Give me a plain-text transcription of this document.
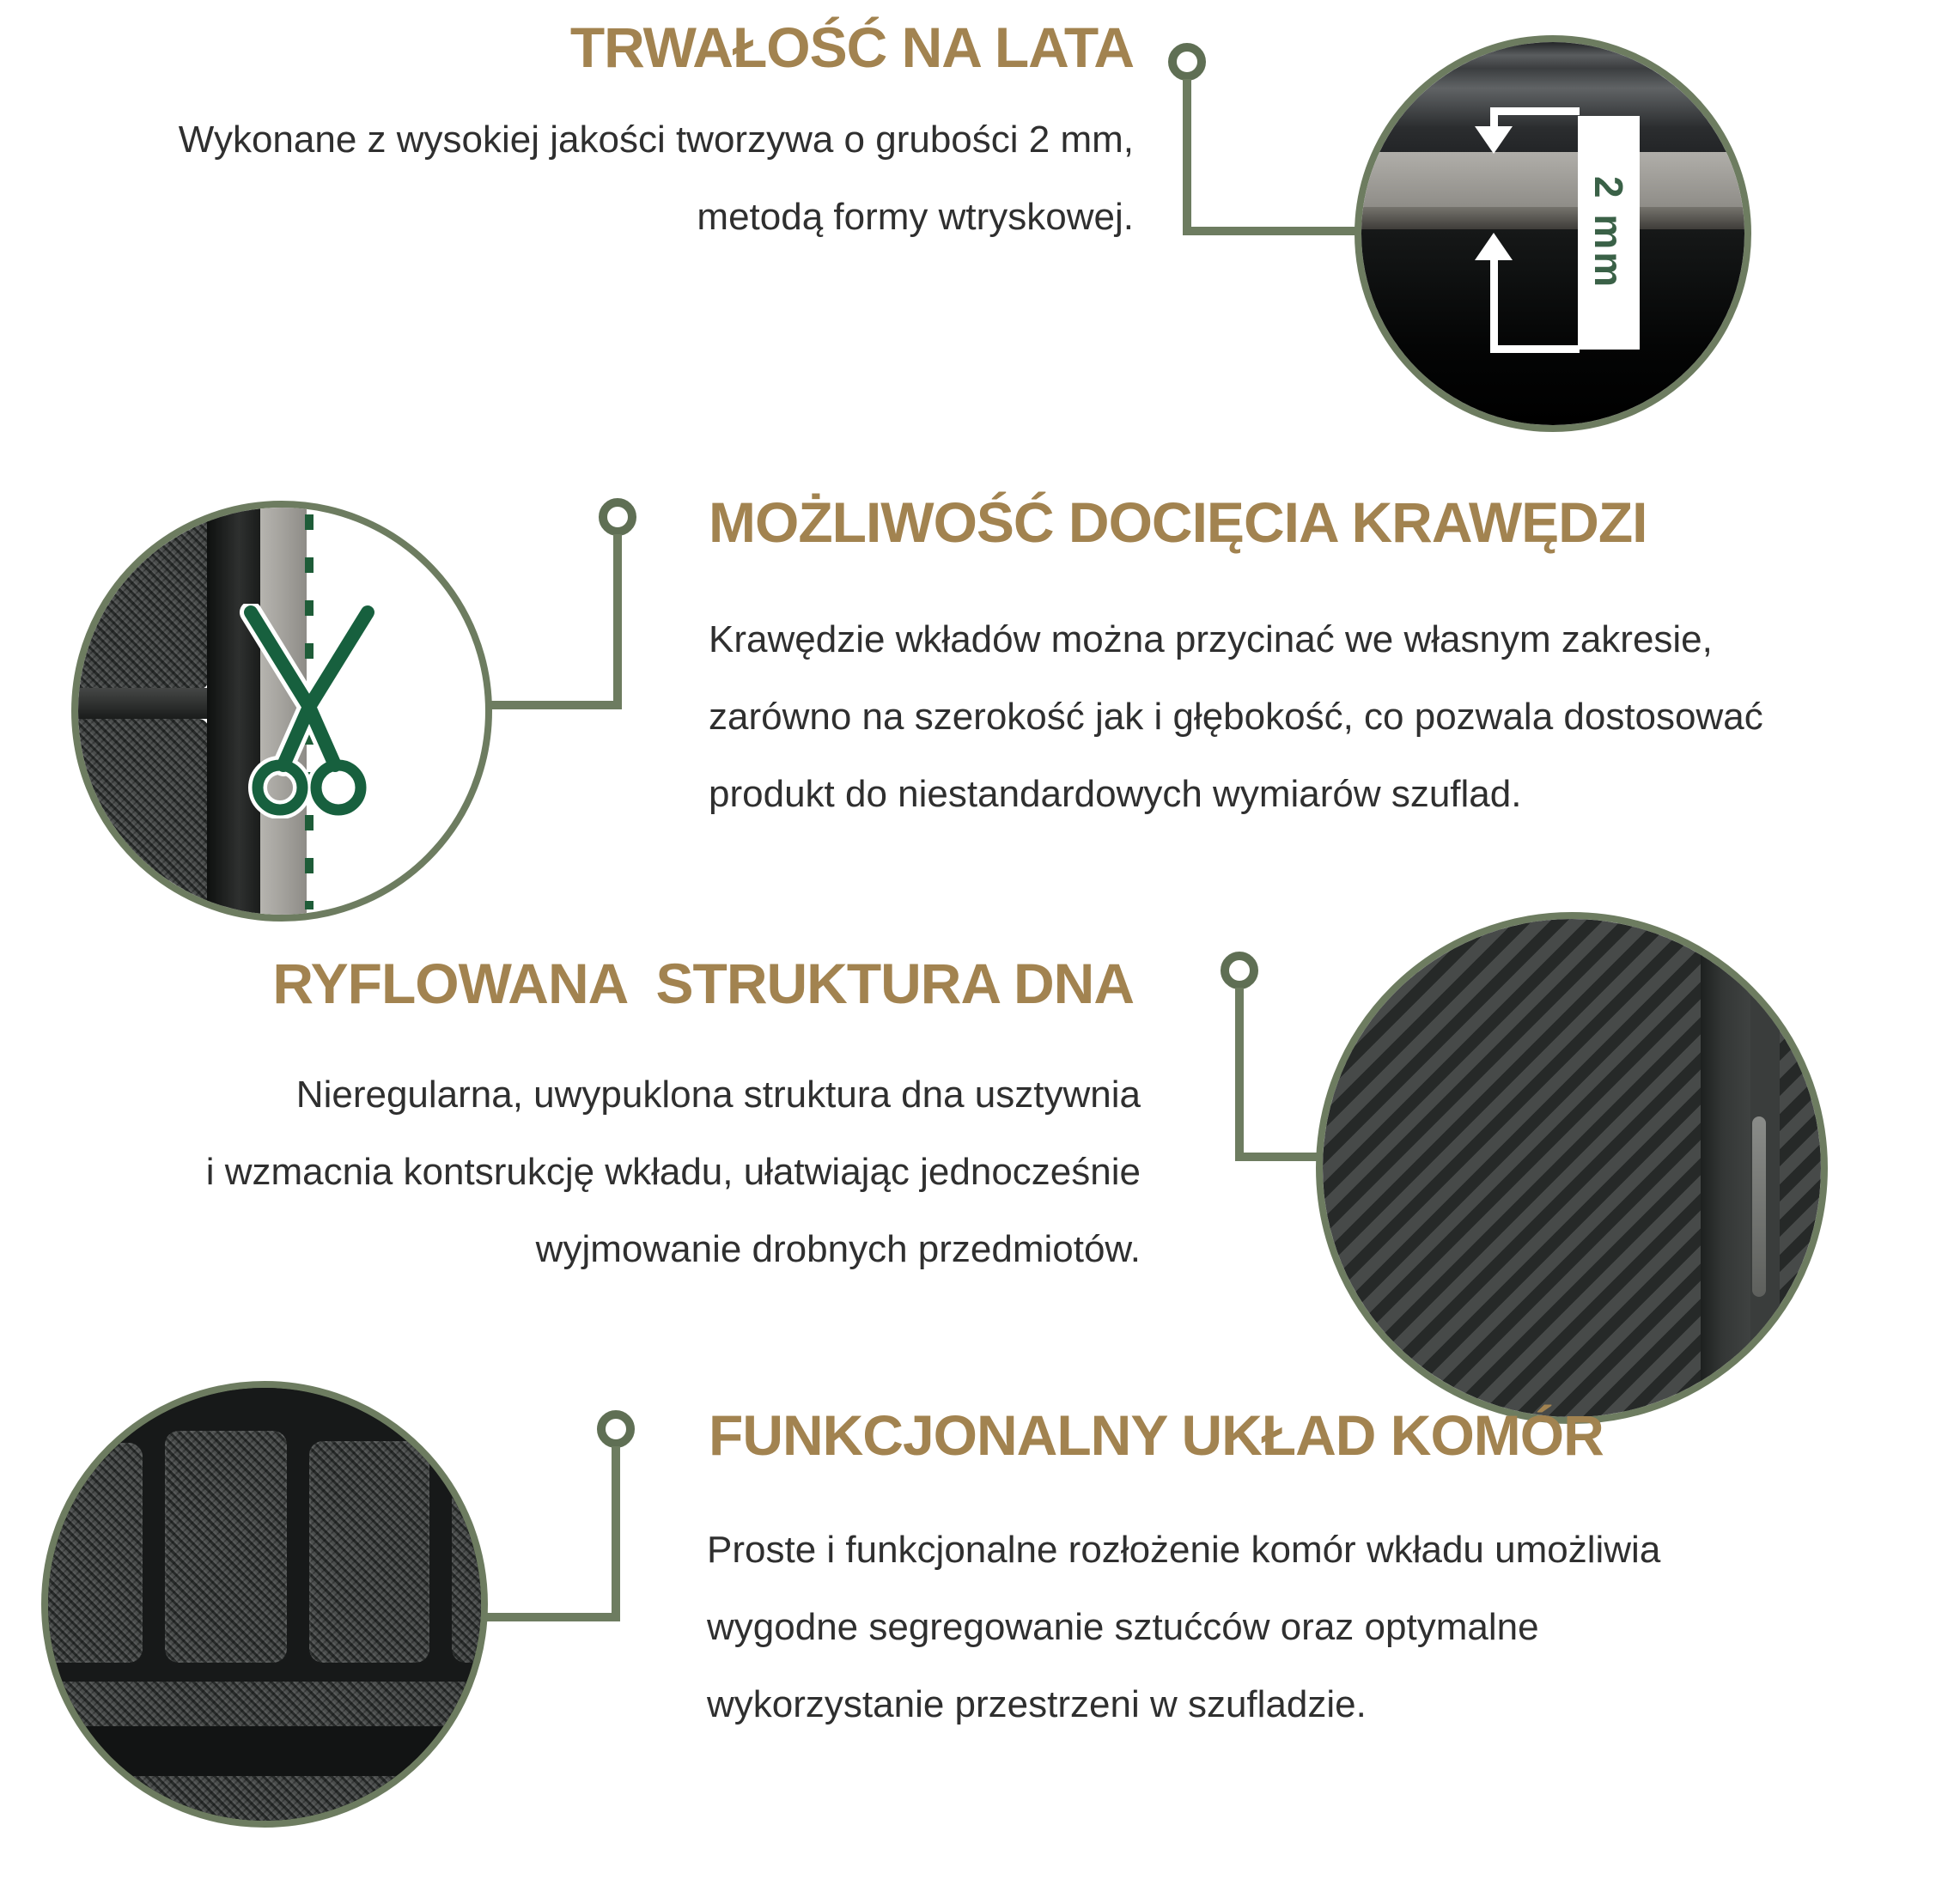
TRWAŁOŚĆ NA LATA
Wykonane z wysokiej jakości tworzywa o grubości 2 mm,
metodą formy wtryskowej.	2 mm
MOŻLIWOŚĆ DOCIĘCIA KRAWĘDZI
Krawędzie wkładów można przycinać we własnym zakresie,
zarówno na szerokość jak i głębokość, co pozwala dostosować
produkt do niestandardowych wymiarów szuflad.
RYFLOWANA  STRUKTURA DNA
Nieregularna, uwypuklona struktura dna usztywnia
i wzmacnia kontsrukcję wkładu, ułatwiając jednocześnie
wyjmowanie drobnych przedmiotów.
FUNKCJONALNY UKŁAD KOMÓR
Proste i funkcjonalne rozłożenie komór wkładu umożliwia
wygodne segregowanie sztućców oraz optymalne
wykorzystanie przestrzeni w szufladzie.
